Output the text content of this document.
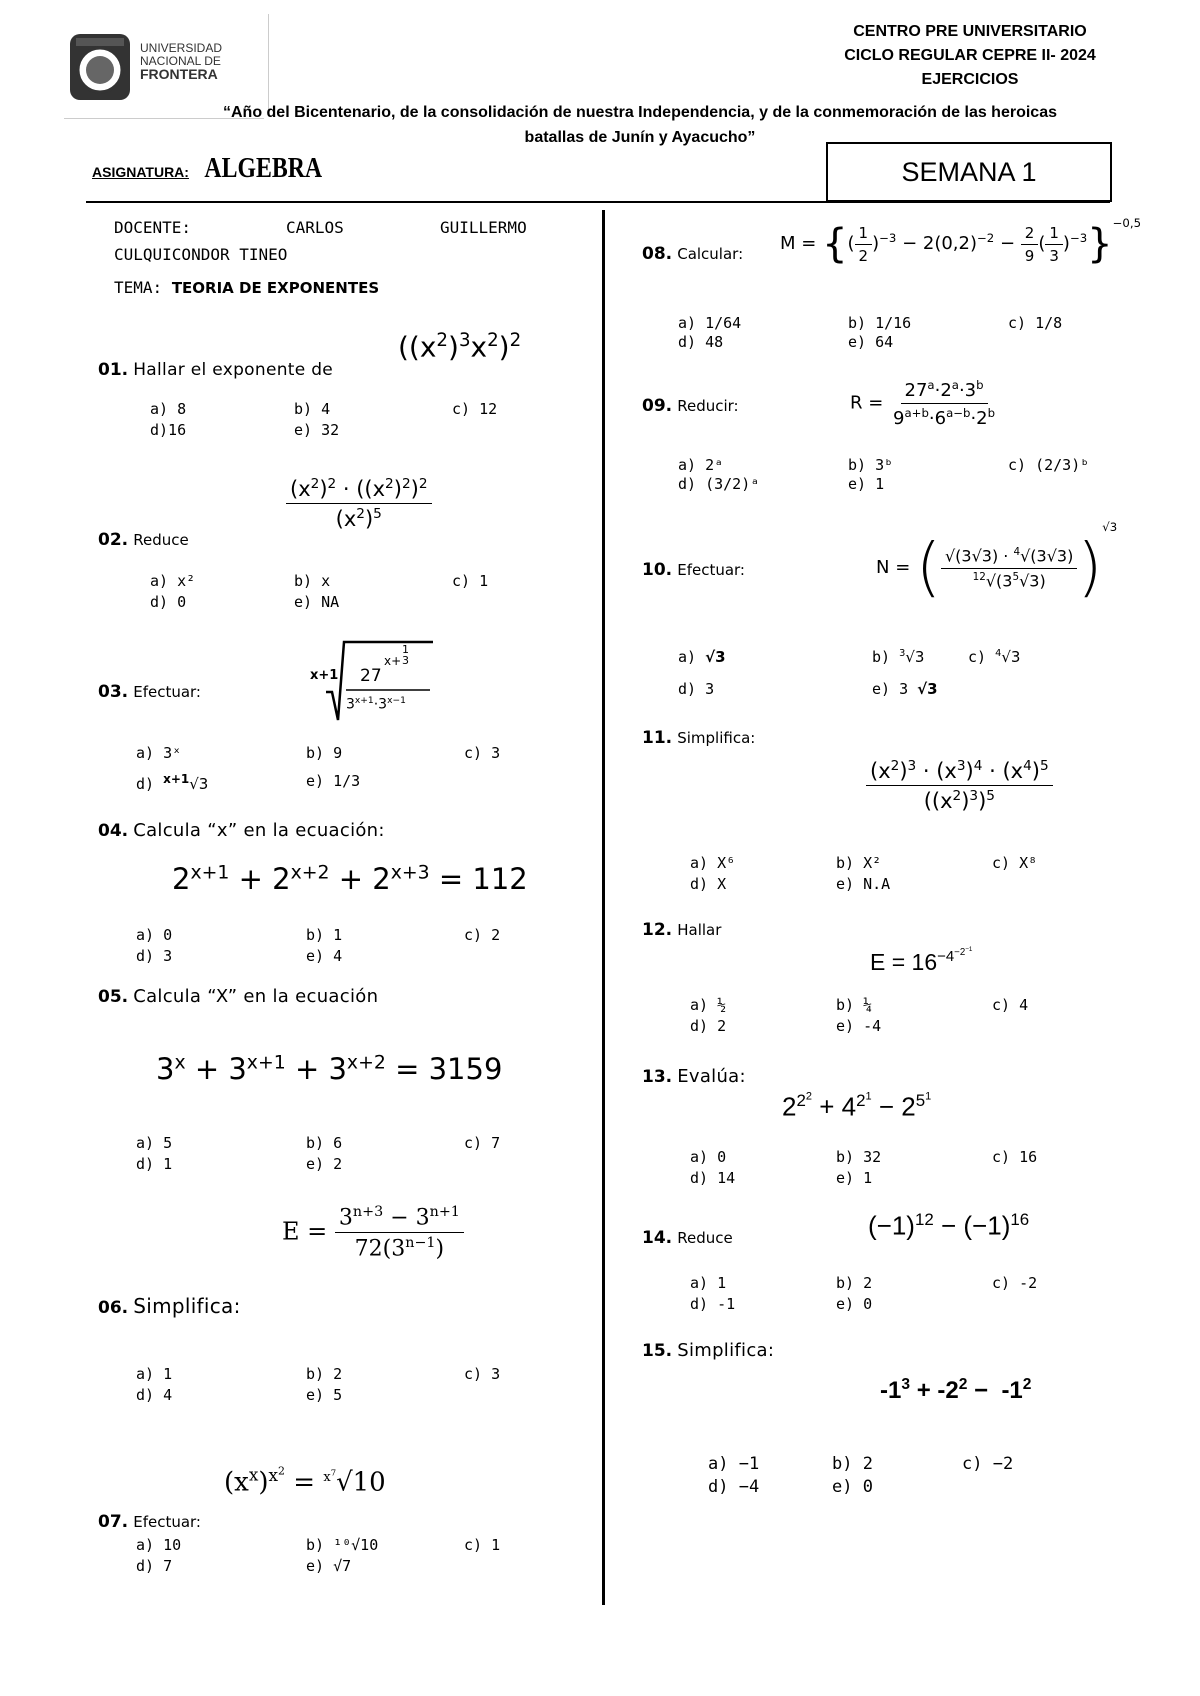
UNIVERSIDAD
NACIONAL DE
FRONTERA
CENTRO PRE UNIVERSITARIO
CICLO REGULAR CEPRE II- 2024
EJERCICIOS
“Año del Bicentenario, de la consolidación de nuestra Independencia, y de la conmemoración de las heroicas
batallas de Junín y Ayacucho”
ASIGNATURA: ALGEBRA	SEMANA 1
DOCENTE:	CARLOS	GUILLERMO
CULQUICONDOR TINEO
TEMA: TEORIA DE EXPONENTES
01. Hallar el exponente de
$((x^2)^3x^2)^2$
a) 8	b) 4	c) 12
d)16	e) 32
$\frac{(x^2)^2 \cdot ((x^2)^2)^2}{(x^2)^5}$
02. Reduce
a) x²	b) x	c) 1
d) 0	e) NA
x+1 27
x+
1
3
$3^{x+1}\cdot 3^{x-1}$
03. Efectuar:
a) 3ˣ	b) 9	c) 3
d) $^{x+1}$√3	e) 1/3
04. Calcula “x” en la ecuación:
$2^{x+1} + 2^{x+2} + 2^{x+3} = 112$
a) 0	b) 1	c) 2
d) 3	e) 4
05. Calcula “X” en la ecuación
$3^x + 3^{x+1} + 3^{x+2} = 3159$
a) 5	b) 6	c) 7
d) 1	e) 2
$E = \frac{3^{n+3} - 3^{n+1}}{72(3^{n-1})}$
06. Simplifica:
a) 1	b) 2	c) 3
d) 4	e) 5
$(x^x)^{x^2} = ^{x^7}√10$
07. Efectuar:
a) 10	b) ¹⁰√10	c) 1
d) 7	e) √7
08. Calcular: M = {( $\frac{1}{2} )^{-3} - 2(0,2)^{-2} - \frac{2}{9}$ ( $\frac{1}{3} )^{-3}\}^{-0,5}$
a) 1/64	b) 1/16	c) 1/8
d) 48	e) 64
09. Reducir:	$R = \frac{27^a\cdot 2^a\cdot 3^b}{9^{a+b}\cdot 6^{a-b}\cdot 2^b}$
a) 2ᵃ	b) 3ᵇ	c) (2/3)ᵇ
d) (3/2)ᵃ	e) 1
10. Efectuar:	N = ( $\frac{√(3√3) \cdot ^4√(3√3)}{^{12}√(3^5√3)} )^{√3}$
a) √3	b) $^3$√3	c) $^4$√3
d) 3	e) 3 √3
11. Simplifica:
$\frac{(x^2)^3 \cdot (x^3)^4 \cdot (x^4)^5}{((x^2)^3)^5}$
a) X⁶	b) X²	c) X⁸
d) X	e) N.A
12. Hallar
$E = 16^{-4^{-2^{-1}}}$
a) ½	b) ¼	c) 4
d) 2	e) -4
13. Evalúa:
$2^{2^2} + 4^{2^1} - 2^{5^1}$
a) 0	b) 32	c) 16
d) 14	e) 1
14. Reduce	$(-1)^{12} - (-1)^{16}$
a) 1	b) 2	c) -2
d) -1	e) 0
15. Simplifica:
$-1^3 + -2^2 - -1^2$
a) −1	b) 2	c) −2
d) −4	e) 0
